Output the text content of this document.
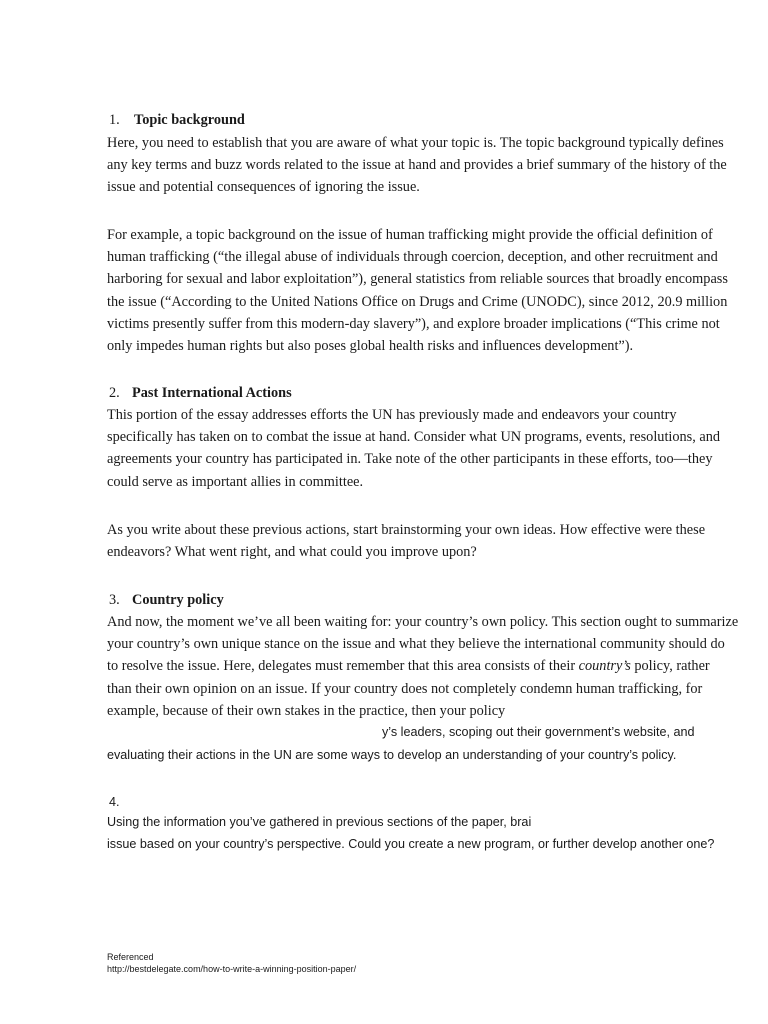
1. Topic background

Here, you need to establish that you are aware of what your topic is. The topic background typically defines
any key terms and buzz words related to the issue at hand and provides a brief summary of the history of the
issue and potential consequences of ignoring the issue.

For example, a topic background on the issue of human trafficking might provide the official definition of
human trafficking (“the illegal abuse of individuals through coercion, deception, and other recruitment and
harboring for sexual and labor exploitation”), general statistics from reliable sources that broadly encompass
the issue (“According to the United Nations Office on Drugs and Crime (UNODC), since 2012, 20.9 million
victims presently suffer from this modern-day slavery”), and explore broader implications (“This crime not
only impedes human rights but also poses global health risks and influences development”).

2. Past International Actions

This portion of the essay addresses efforts the UN has previously made and endeavors your country
specifically has taken on to combat the issue at hand. Consider what UN programs, events, resolutions, and
agreements your country has participated in. Take note of the other participants in these efforts, too—they
could serve as important allies in committee.

As you write about these previous actions, start brainstorming your own ideas. How effective were these
endeavors? What went right, and what could you improve upon?

3. Country policy

And now, the moment we’ve all been waiting for: your country’s own policy. This section ought to summarize
your country’s own unique stance on the issue and what they believe the international community should do
to resolve the issue. Here, delegates must remember that this area consists of their country’s policy, rather
than their own opinion on an issue. If your country does not completely condemn human trafficking, for
example, because of their own stakes in the practice, then your policy

y’s leaders, scoping out their government’s website, and
evaluating their actions in the UN are some ways to develop an understanding of your country’s policy.
4.
Using the information you’ve gathered in previous sections of the paper, brai
issue based on your country’s perspective. Could you create a new program, or further develop another one?
Referenced
http://bestdelegate.com/how-to-write-a-winning-position-paper/
